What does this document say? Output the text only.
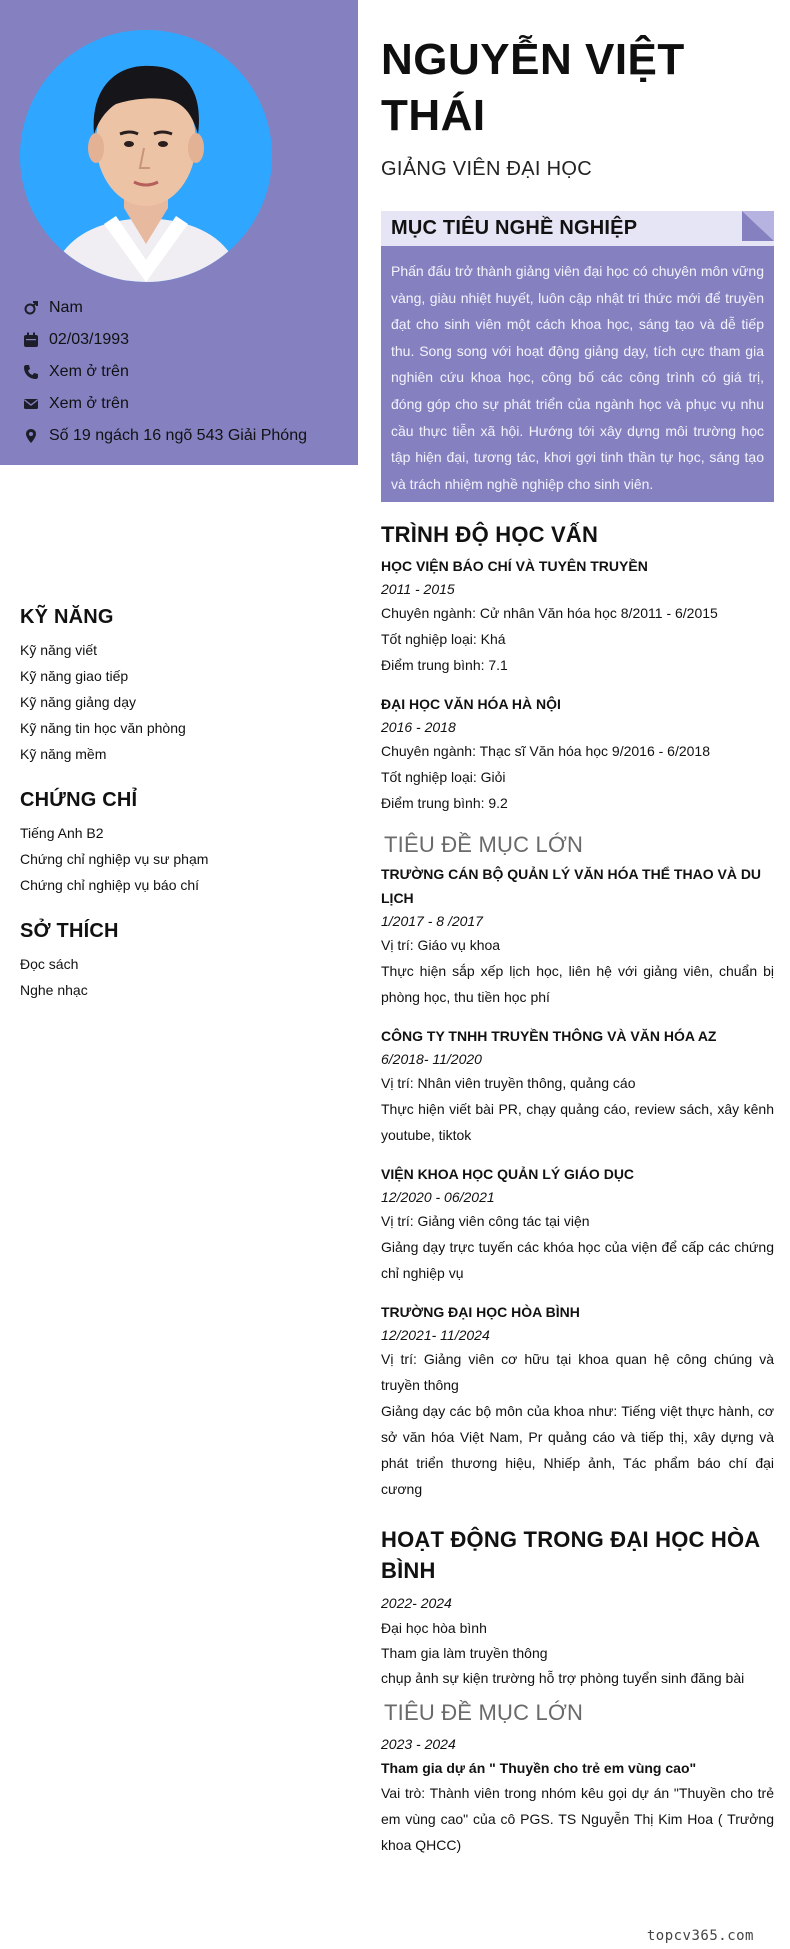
Nam
02/03/1993
Xem ở trên
Xem ở trên
Số 19 ngách 16 ngõ 543 Giải Phóng
KỸ NĂNG
Kỹ năng viết
Kỹ năng giao tiếp
Kỹ năng giảng dạy
Kỹ năng tin học văn phòng
Kỹ năng mềm
CHỨNG CHỈ
Tiếng Anh B2
Chứng chỉ nghiệp vụ sư phạm
Chứng chỉ nghiệp vụ báo chí
SỞ THÍCH
Đọc sách
Nghe nhạc
NGUYỄN VIỆT THÁI
GIẢNG VIÊN ĐẠI HỌC
MỤC TIÊU NGHỀ NGHIỆP

Phấn đấu trở thành giảng viên đại học có chuyên môn vững vàng, giàu nhiệt huyết, luôn cập nhật tri thức mới để truyền đạt cho sinh viên một cách khoa học, sáng tạo và dễ tiếp thu. Song song với hoạt động giảng dạy, tích cực tham gia nghiên cứu khoa học, công bố các công trình có giá trị, đóng góp cho sự phát triển của ngành học và phục vụ nhu cầu thực tiễn xã hội. Hướng tới xây dựng môi trường học tập hiện đại, tương tác, khơi gợi tinh thần tự học, sáng tạo và trách nhiệm nghề nghiệp cho sinh viên.

TRÌNH ĐỘ HỌC VẤN
HỌC VIỆN BÁO CHÍ VÀ TUYÊN TRUYỀN
2011 - 2015
Chuyên ngành: Cử nhân Văn hóa học 8/2011 - 6/2015
Tốt nghiệp loại: Khá
Điểm trung bình: 7.1
ĐẠI HỌC VĂN HÓA HÀ NỘI
2016 - 2018
Chuyên ngành: Thạc sĩ Văn hóa học 9/2016 - 6/2018
Tốt nghiệp loại: Giỏi
Điểm trung bình: 9.2
TIÊU ĐỀ MỤC LỚN
TRƯỜNG CÁN BỘ QUẢN LÝ VĂN HÓA THỂ THAO VÀ DU LỊCH
1/2017 - 8 /2017
Vị trí: Giáo vụ khoa
Thực hiện sắp xếp lịch học, liên hệ với giảng viên, chuẩn bị phòng học, thu tiền học phí
CÔNG TY TNHH TRUYỀN THÔNG VÀ VĂN HÓA AZ
6/2018- 11/2020
Vị trí: Nhân viên truyền thông, quảng cáo
Thực hiện viết bài PR, chạy quảng cáo, review sách, xây kênh youtube, tiktok
VIỆN KHOA HỌC QUẢN LÝ GIÁO DỤC
12/2020 - 06/2021
Vị trí: Giảng viên công tác tại viện
Giảng dạy trực tuyến các khóa học của viện để cấp các chứng chỉ nghiệp vụ
TRƯỜNG ĐẠI HỌC HÒA BÌNH
12/2021- 11/2024
Vị trí: Giảng viên cơ hữu tại khoa quan hệ công chúng và truyền thông
Giảng dạy các bộ môn của khoa như: Tiếng việt thực hành, cơ sở văn hóa Việt Nam, Pr quảng cáo và tiếp thị, xây dựng và phát triển thương hiệu, Nhiếp ảnh, Tác phẩm báo chí đại cương
HOẠT ĐỘNG TRONG ĐẠI HỌC HÒA BÌNH
2022- 2024
Đại học hòa bình
Tham gia làm truyền thông
chụp ảnh sự kiện trường hỗ trợ phòng tuyển sinh đăng bài
TIÊU ĐỀ MỤC LỚN
2023 - 2024
Tham gia dự án " Thuyền cho trẻ em vùng cao"
Vai trò: Thành viên trong nhóm kêu gọi dự án "Thuyền cho trẻ em vùng cao" của cô PGS. TS Nguyễn Thị Kim Hoa ( Trưởng khoa QHCC)
topcv365.com
